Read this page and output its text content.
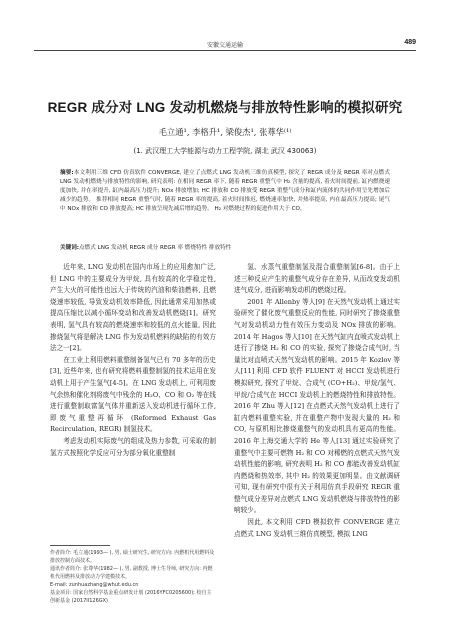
安徽交通运输	489
REGR 成分对 LNG 发动机燃烧与排放特性影响的模拟研究
毛立通¹, 李格升¹, 梁俊杰¹, 张尊华⁽¹⁾
(1. 武汉理工大学能源与动力工程学院, 湖北 武汉 430063)
摘要:本文利用三维 CFD 仿真软件 CONVERGE, 建立了点燃式 LNG 发动机三维仿真模型, 探究了 REGR 成分及 REGR 率对点燃式 LNG 发动机燃烧与排放特性的影响, 研究表明: 在相同 REGR 率下, 随着 REGR 重整气中 H₂ 含量的提高, 着火时间提前, 缸内燃烧速度加快, 并在率提升, 缸内最高压力提升; NOx 排放增加; HC 排放和 CO 排放受 REGR 重整气成分和缸内流体的共同作用呈先增加后减少的趋势。 推荐相同 REGR 重整气时, 随着 REGR 率的提高, 着火时间推迟, 燃烧速率加快, 并热率提高, 内在最高压力提高; 尾气中 NOx 排放和 CO 排放提高; HC 排放呈现先减后增的趋势。 H₂ 对燃烧过程的促进作用大于 CO。
关键词:点燃式 LNG 发动机 REGR 成分 REGR 率 燃烧特性 排放特性

近年来, LNG 发动机在国内市场上的应用愈加广泛, 但 LNG 中的主要成分为甲烷, 具有较高的化学稳定性, 产生大火的可能性也远大于传统的汽油和柴油燃料, 且燃烧速率较低, 导致发动机效率降低, 因此通常采用加热或提高压缩比以减小循环变动和改善发动机燃烧[1]。研究表明, 氢气具有较高的燃烧速率和较低的点火能量, 因此掺烧氢气将是解决 LNG 作为发动机燃料的缺陷的有效方法之一[2]。

在工业上利用燃料重整制备氢气已有 70 多年的历史[3], 近些年来, 也有研究将燃料重整制氢的技术运用在发动机上用于产生氢气[4-5]。在 LNG 发动机上, 可利用废气余热和催化剂将废气中残余的 H₂O、CO 和 O₂ 等在线进行重整制取富氢气体并重新送入发动机进行循环工作, 即废气重整再循环 (Reformed Exhaust Gas Recirculation, REGR) 制氢技术。

考虑发动机实际废气的组成及热力参数, 可采取的制氢方式按照化学反应可分为部分氧化重整制

氢、水蒸气重整制氢及混合重整制氢[6-8]。由于上述三种反应产生的重整气成分存在差异, 从而改变发动机进气成分, 进而影响发动机的燃烧过程。

2001 年 Allenby 等人[9] 在天然气发动机上通过实验研究了催化废气重整反应的性能, 同时研究了掺烧重整气对发动机动力性有效压力变动及 NOx 排放的影响。2014 年 Hagos 等人[10] 在天然气缸内直喷式发动机上进行了掺烧 H₂ 和 CO 的实验, 探究了掺烧合成气时, 当量比对直喷式天然气发动机的影响。2015 年 Kozlov 等人[11] 利用 CFD 软件 FLUENT 对 HCCI 发动机进行模拟研究, 探究了甲烷、合成气 (CO+H₂)、甲烷/氢气、甲烷/合成气在 HCCI 发动机上的燃烧特性和排放特性。2016 年 Zhu 等人[12] 在点燃式天然气发动机上进行了缸内燃料重整实验, 并在重整产物中发现大量的 H₂ 和 CO, 与原机相比掺烧重整气的发动机具有更高的性能。2016 年上海交通大学的 He 等人[13] 通过实验研究了重整气中主要可燃物 H₂ 和 CO 对稀燃的点燃式天然气发动机性能的影响, 研究表明 H₂ 和 CO 都能改善发动机缸内燃烧和热效率, 其中 H₂ 的效果更加明显。由文献调研可知, 现有研究中很有关于利用仿真手段研究 REGR 重整气成分差异对点燃式 LNG 发动机燃烧与排放特性的影响较少。

因此, 本文利用 CFD 模拟软件 CONVERGE 建立点燃式 LNG 发动机三维仿真模型, 模拟 LNG

作者简介: 毛立通(1993— ), 男, 硕士研究生, 研究方向: 内燃机代用燃料及排放控制方面技术。
通讯作者简介: 张尊华(1982— ), 男, 副教授, 博士生导师, 研究方向: 内燃机代用燃料及排放动力学建模技术。
E-mail: zunhuazhang@whut.edu.cn
基金项目: 国家自然科学基金重点研发计划 (2016YFC0205600); 校自主创新基金 (2017II126GX)
